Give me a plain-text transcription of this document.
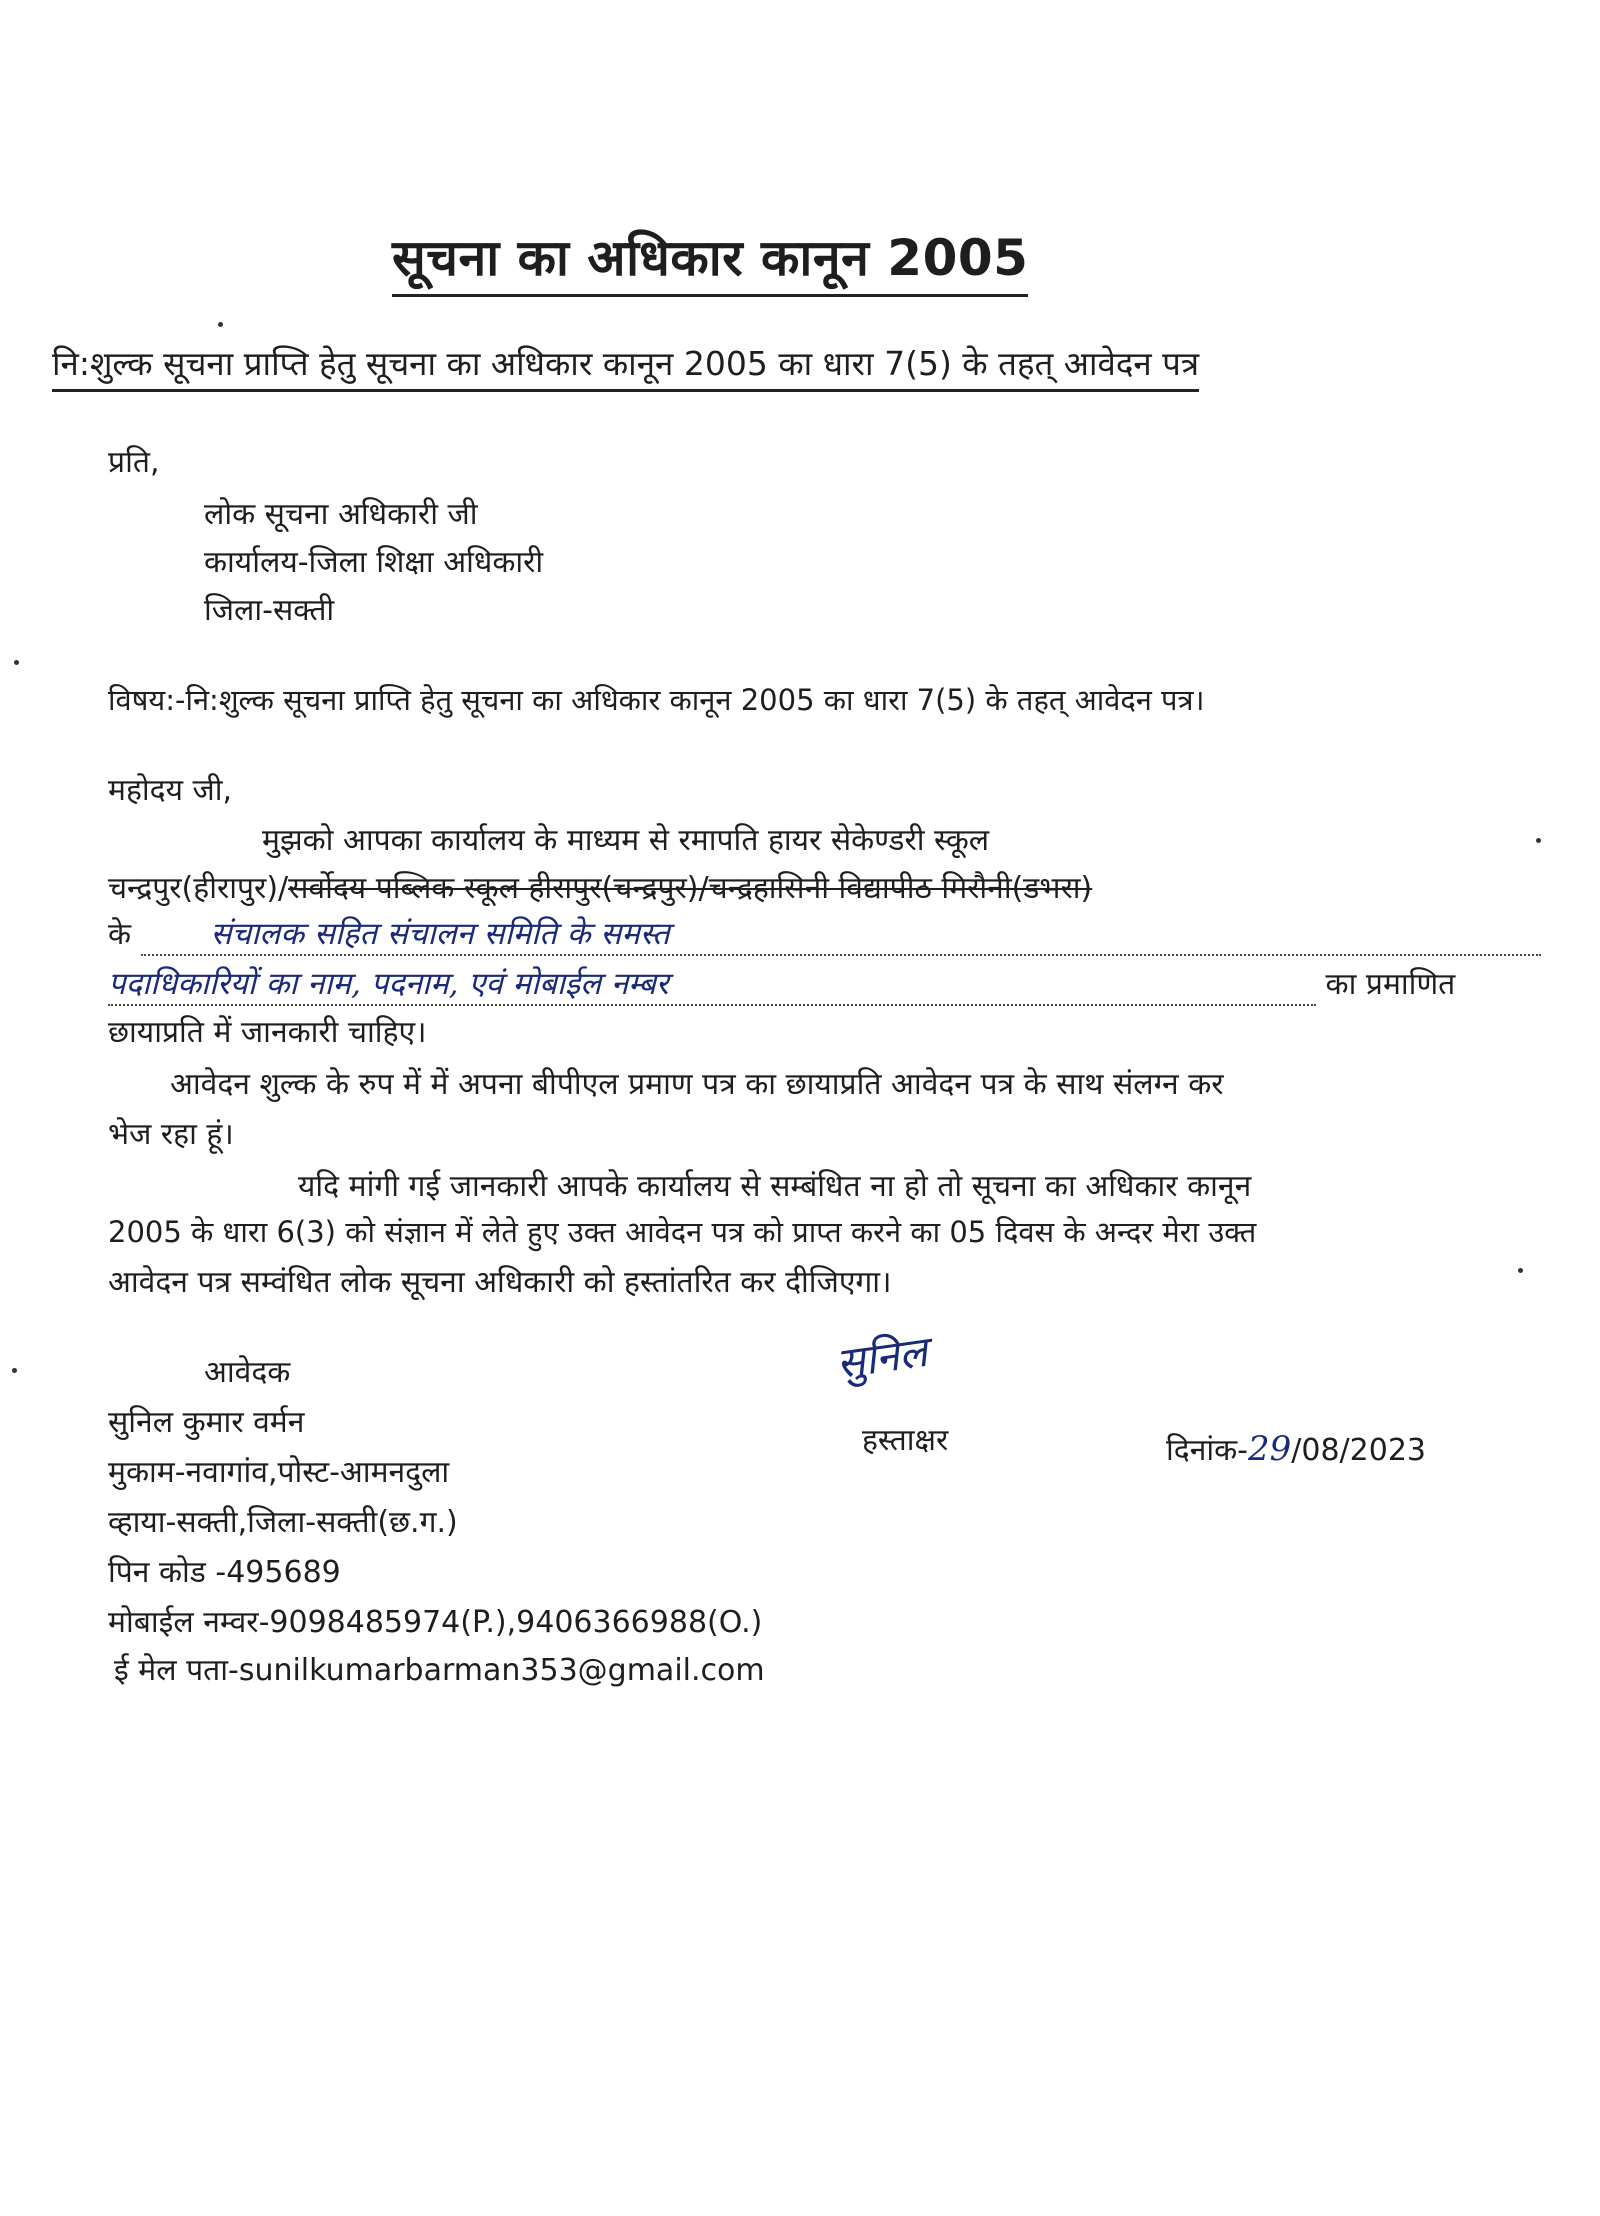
सूचना का अधिकार कानून 2005
नि:शुल्क सूचना प्राप्ति हेतु सूचना का अधिकार कानून 2005 का धारा 7(5) के तहत् आवेदन पत्र
प्रति,
लोक सूचना अधिकारी जी
कार्यालय-जिला शिक्षा अधिकारी
जिला-सक्ती
विषय:-नि:शुल्क सूचना प्राप्ति हेतु सूचना का अधिकार कानून 2005 का धारा 7(5) के तहत् आवेदन पत्र।
महोदय जी,
मुझको आपका कार्यालय के माध्यम से रमापति हायर सेकेण्डरी स्कूल
चन्द्रपुर(हीरापुर)/सर्वोदय पब्लिक स्कूल हीरापुर(चन्द्रपुर)/चन्द्रहासिनी विद्यापीठ मिरौनी(डभरा)
के	संचालक सहित संचालन समिति के समस्त
पदाधिकारियों का नाम, पदनाम, एवं मोबाईल नम्बर	का प्रमाणित
छायाप्रति में जानकारी चाहिए।
आवेदन शुल्क के रुप में में अपना बीपीएल प्रमाण पत्र का छायाप्रति आवेदन पत्र के साथ संलग्न कर
भेज रहा हूं।
यदि मांगी गई जानकारी आपके कार्यालय से सम्बंधित ना हो तो सूचना का अधिकार कानून
2005 के धारा 6(3) को संज्ञान में लेते हुए उक्त आवेदन पत्र को प्राप्त करने का 05 दिवस के अन्दर मेरा उक्त
आवेदन पत्र सम्वंधित लोक सूचना अधिकारी को हस्तांतरित कर दीजिएगा।
आवेदक
सुनिल कुमार वर्मन
मुकाम-नवागांव,पोस्ट-आमनदुला
व्हाया-सक्ती,जिला-सक्ती(छ.ग.)
पिन कोड -495689
मोबाईल नम्वर-9098485974(P.),9406366988(O.)
ई मेल पता-sunilkumarbarman353@gmail.com
सुनिल
हस्ताक्षर	दिनांक-29/08/2023
